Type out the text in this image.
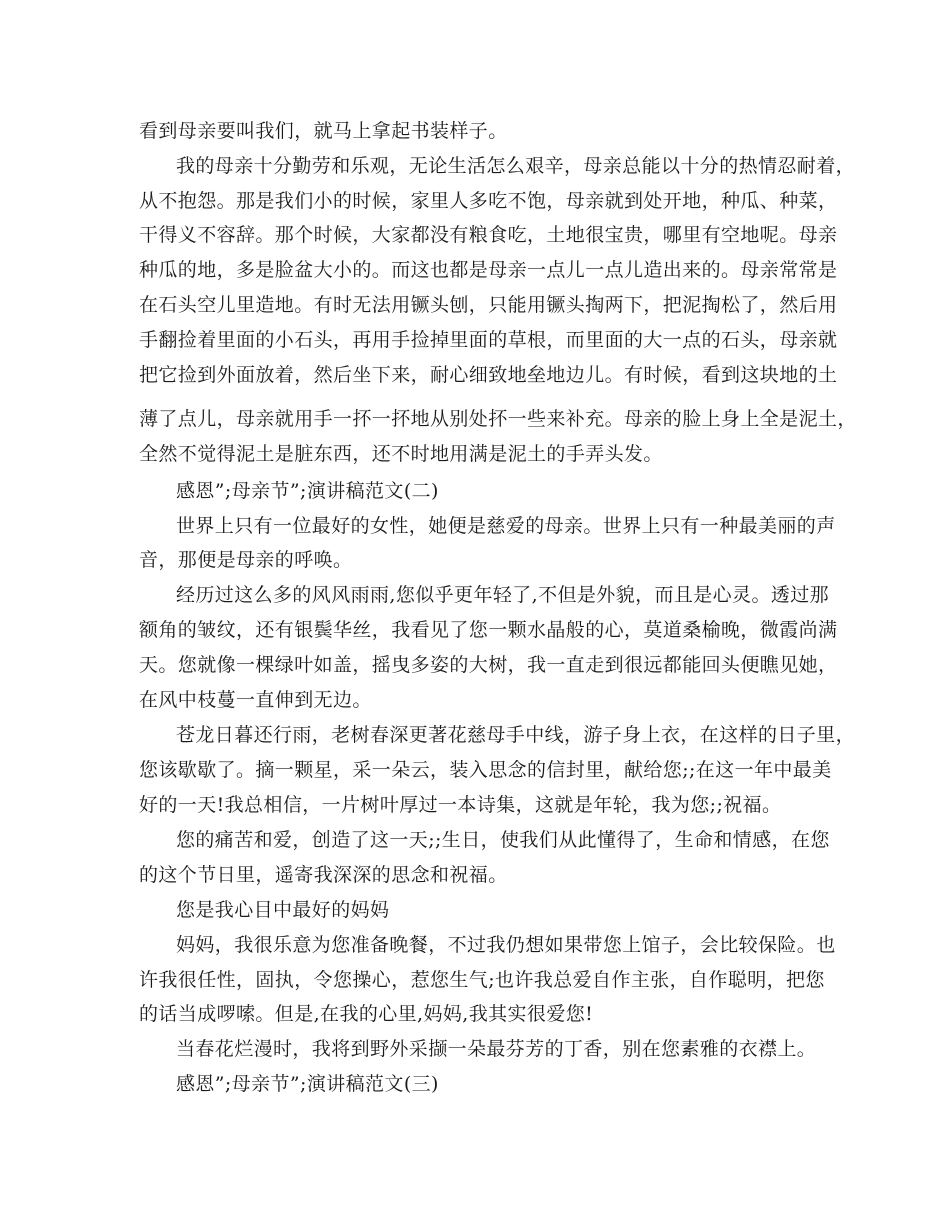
看到母亲要叫我们，就马上拿起书装样子。
我的母亲十分勤劳和乐观，无论生活怎么艰辛，母亲总能以十分的热情忍耐着，
从不抱怨。那是我们小的时候，家里人多吃不饱，母亲就到处开地，种瓜、种菜，
干得义不容辞。那个时候，大家都没有粮食吃，土地很宝贵，哪里有空地呢。母亲
种瓜的地，多是脸盆大小的。而这也都是母亲一点儿一点儿造出来的。母亲常常是
在石头空儿里造地。有时无法用镢头刨，只能用镢头掏两下，把泥掏松了，然后用
手翻捡着里面的小石头，再用手捡掉里面的草根，而里面的大一点的石头，母亲就
把它捡到外面放着，然后坐下来，耐心细致地垒地边儿。有时候，看到这块地的土
薄了点儿，母亲就用手一抔一抔地从别处抔一些来补充。母亲的脸上身上全是泥土，
全然不觉得泥土是脏东西，还不时地用满是泥土的手弄头发。
感恩”;母亲节”;演讲稿范文(二)
世界上只有一位最好的女性，她便是慈爱的母亲。世界上只有一种最美丽的声
音，那便是母亲的呼唤。
经历过这么多的风风雨雨,您似乎更年轻了,不但是外貌，而且是心灵。透过那
额角的皱纹，还有银鬓华丝，我看见了您一颗水晶般的心，莫道桑榆晚，微霞尚满
天。您就像一棵绿叶如盖，摇曳多姿的大树，我一直走到很远都能回头便瞧见她，
在风中枝蔓一直伸到无边。
苍龙日暮还行雨，老树春深更著花慈母手中线，游子身上衣，在这样的日子里，
您该歇歇了。摘一颗星，采一朵云，装入思念的信封里，献给您;;在这一年中最美
好的一天!我总相信，一片树叶厚过一本诗集，这就是年轮，我为您;;祝福。
您的痛苦和爱，创造了这一天;;生日，使我们从此懂得了，生命和情感，在您
的这个节日里，遥寄我深深的思念和祝福。
您是我心目中最好的妈妈
妈妈，我很乐意为您准备晚餐，不过我仍想如果带您上馆子，会比较保险。也
许我很任性，固执，令您操心，惹您生气;也许我总爱自作主张，自作聪明，把您
的话当成啰嗦。但是,在我的心里,妈妈,我其实很爱您!
当春花烂漫时，我将到野外采撷一朵最芬芳的丁香，别在您素雅的衣襟上。
感恩”;母亲节”;演讲稿范文(三)
